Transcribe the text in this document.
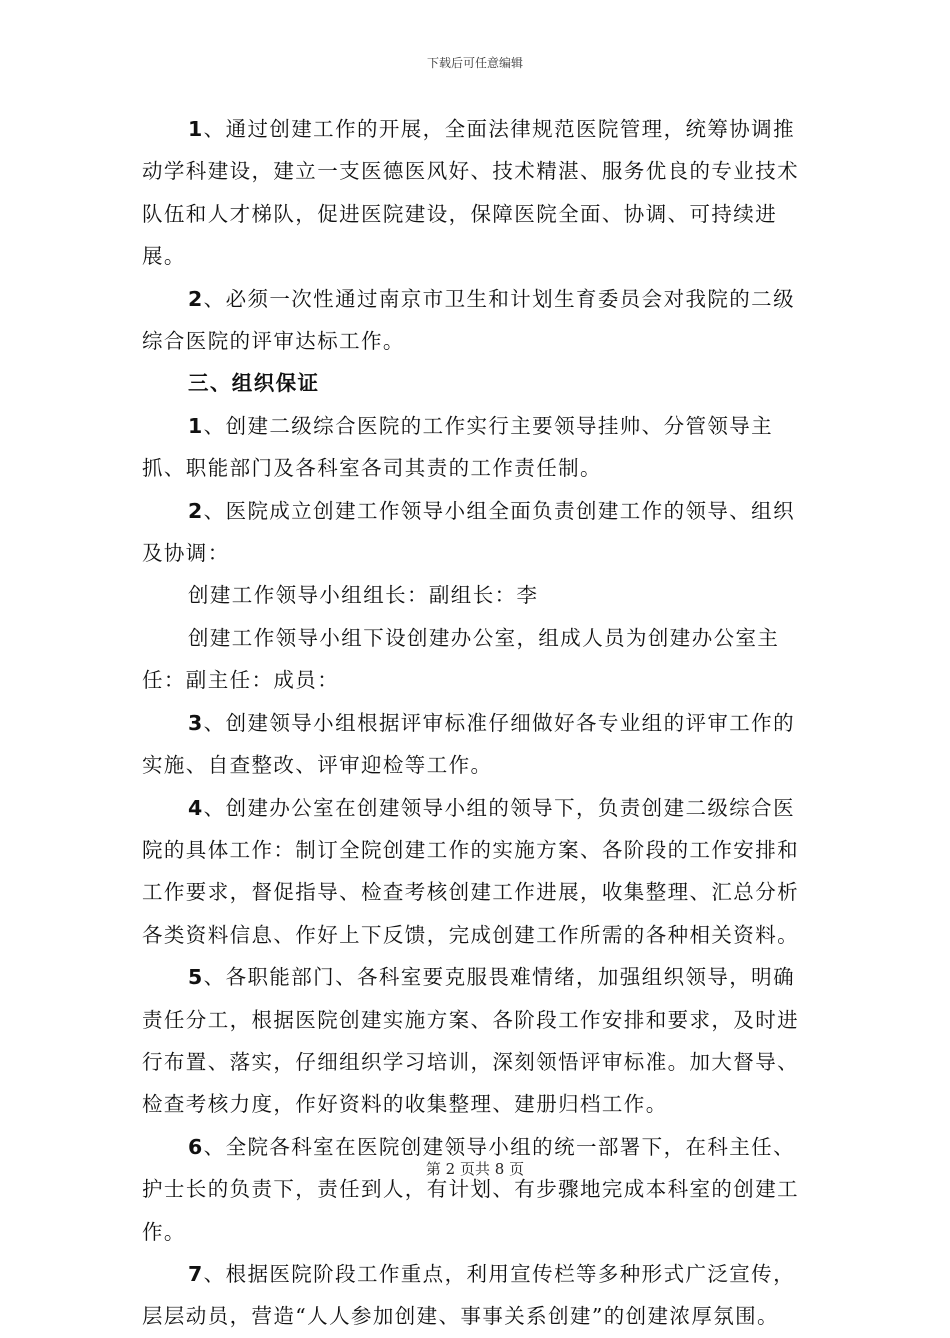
下载后可任意编辑

1、通过创建工作的开展，全面法律规范医院管理，统筹协调推动学科建设，建立一支医德医风好、技术精湛、服务优良的专业技术队伍和人才梯队，促进医院建设，保障医院全面、协调、可持续进展。

2、必须一次性通过南京市卫生和计划生育委员会对我院的二级综合医院的评审达标工作。

三、组织保证

1、创建二级综合医院的工作实行主要领导挂帅、分管领导主抓、职能部门及各科室各司其责的工作责任制。

2、医院成立创建工作领导小组全面负责创建工作的领导、组织及协调：

创建工作领导小组组长：副组长：李

创建工作领导小组下设创建办公室，组成人员为创建办公室主任：副主任：成员：

3、创建领导小组根据评审标准仔细做好各专业组的评审工作的实施、自查整改、评审迎检等工作。

4、创建办公室在创建领导小组的领导下，负责创建二级综合医院的具体工作：制订全院创建工作的实施方案、各阶段的工作安排和工作要求，督促指导、检查考核创建工作进展，收集整理、汇总分析各类资料信息、作好上下反馈，完成创建工作所需的各种相关资料。

5、各职能部门、各科室要克服畏难情绪，加强组织领导，明确责任分工，根据医院创建实施方案、各阶段工作安排和要求，及时进行布置、落实，仔细组织学习培训，深刻领悟评审标准。加大督导、检查考核力度，作好资料的收集整理、建册归档工作。

6、全院各科室在医院创建领导小组的统一部署下，在科主任、护士长的负责下，责任到人，有计划、有步骤地完成本科室的创建工作。

7、根据医院阶段工作重点，利用宣传栏等多种形式广泛宣传，层层动员，营造“人人参加创建、事事关系创建”的创建浓厚氛围。

第 2 页共 8 页
